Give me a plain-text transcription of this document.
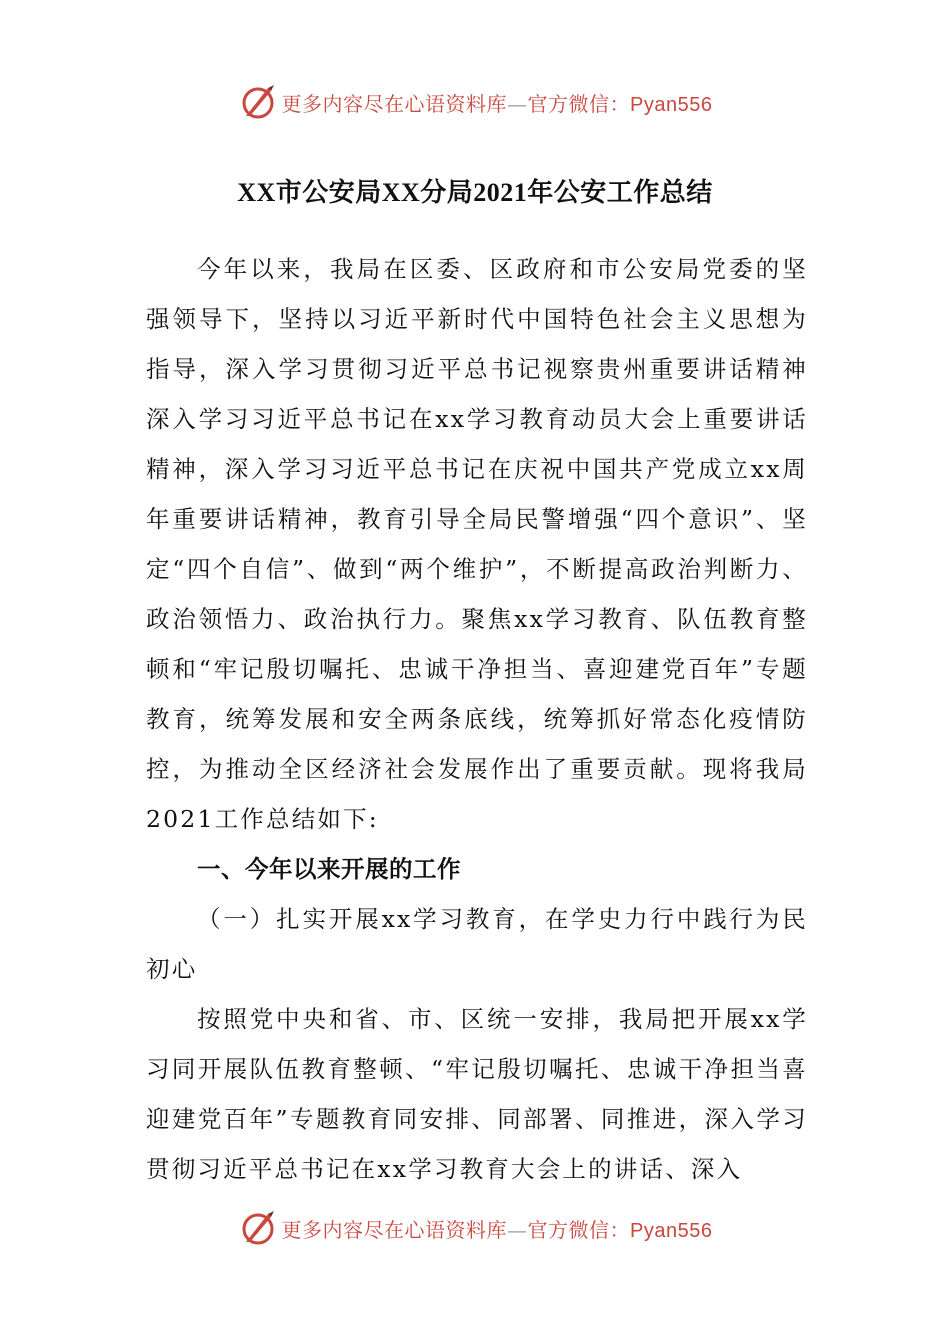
更多内容尽在心语资料库—官方微信：Pyan556
XX市公安局XX分局2021年公安工作总结

今年以来，我局在区委、区政府和市公安局党委的坚强领导下，坚持以习近平新时代中国特色社会主义思想为指导，深入学习贯彻习近平总书记视察贵州重要讲话精神深入学习习近平总书记在xx学习教育动员大会上重要讲话精神，深入学习习近平总书记在庆祝中国共产党成立xx周年重要讲话精神，教育引导全局民警增强“四个意识”、坚定“四个自信”、做到“两个维护”，不断提高政治判断力、政治领悟力、政治执行力。聚焦xx学习教育、队伍教育整顿和“牢记殷切嘱托、忠诚干净担当、喜迎建党百年”专题教育，统筹发展和安全两条底线，统筹抓好常态化疫情防控，为推动全区经济社会发展作出了重要贡献。现将我局2021工作总结如下:

一、今年以来开展的工作

（一）扎实开展xx学习教育，在学史力行中践行为民初心

按照党中央和省、市、区统一安排，我局把开展xx学习同开展队伍教育整顿、“牢记殷切嘱托、忠诚干净担当喜迎建党百年”专题教育同安排、同部署、同推进，深入学习贯彻习近平总书记在xx学习教育大会上的讲话、深入

更多内容尽在心语资料库—官方微信：Pyan556
